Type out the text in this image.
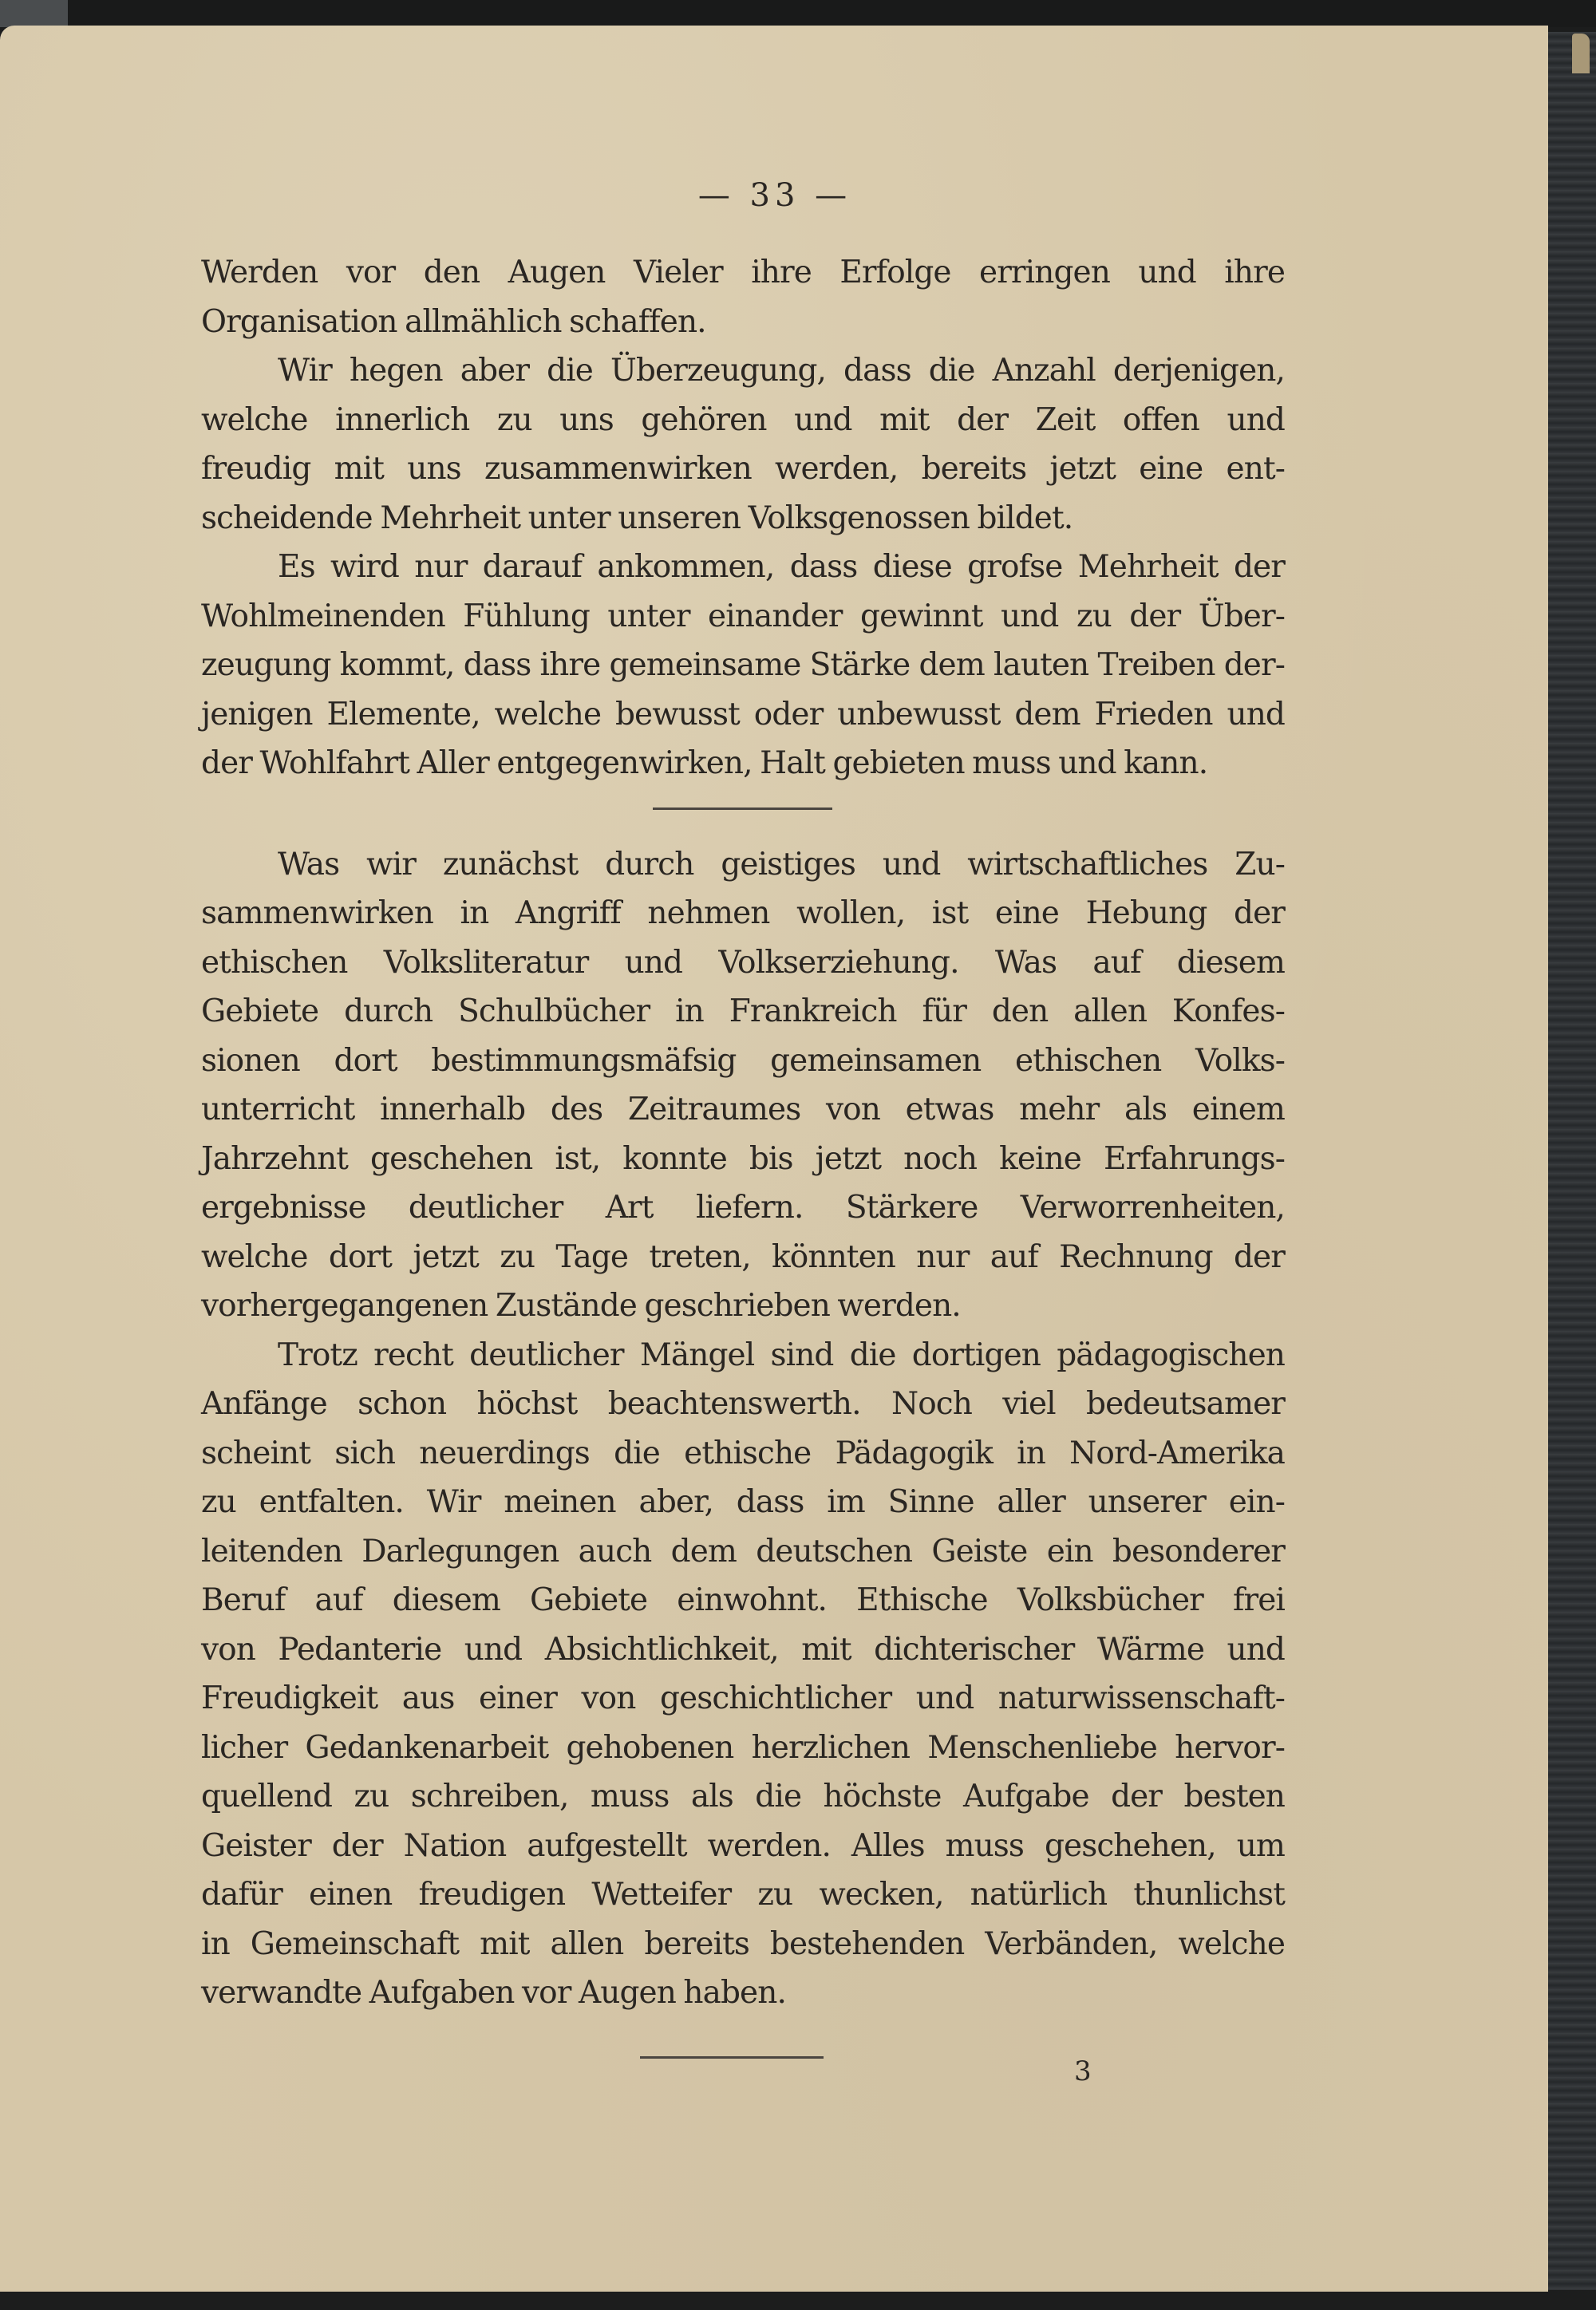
— 33 —

Werden vor den Augen Vieler ihre Erfolge erringen und ihre
Organisation allmählich schaffen.

Wir hegen aber die Überzeugung, dass die Anzahl derjenigen,
welche innerlich zu uns gehören und mit der Zeit offen und
freudig mit uns zusammenwirken werden, bereits jetzt eine ent-
scheidende Mehrheit unter unseren Volksgenossen bildet.

Es wird nur darauf ankommen, dass diese grofse Mehrheit der
Wohlmeinenden Fühlung unter einander gewinnt und zu der Über-
zeugung kommt, dass ihre gemeinsame Stärke dem lauten Treiben der-
jenigen Elemente, welche bewusst oder unbewusst dem Frieden und
der Wohlfahrt Aller entgegenwirken, Halt gebieten muss und kann.

Was wir zunächst durch geistiges und wirtschaftliches Zu-
sammenwirken in Angriff nehmen wollen, ist eine Hebung der
ethischen Volksliteratur und Volkserziehung. Was auf diesem
Gebiete durch Schulbücher in Frankreich für den allen Konfes-
sionen dort bestimmungsmäfsig gemeinsamen ethischen Volks-
unterricht innerhalb des Zeitraumes von etwas mehr als einem
Jahrzehnt geschehen ist, konnte bis jetzt noch keine Erfahrungs-
ergebnisse deutlicher Art liefern. Stärkere Verworrenheiten,
welche dort jetzt zu Tage treten, könnten nur auf Rechnung der
vorhergegangenen Zustände geschrieben werden.

Trotz recht deutlicher Mängel sind die dortigen pädagogischen
Anfänge schon höchst beachtenswerth. Noch viel bedeutsamer
scheint sich neuerdings die ethische Pädagogik in Nord-Amerika
zu entfalten. Wir meinen aber, dass im Sinne aller unserer ein-
leitenden Darlegungen auch dem deutschen Geiste ein besonderer
Beruf auf diesem Gebiete einwohnt. Ethische Volksbücher frei
von Pedanterie und Absichtlichkeit, mit dichterischer Wärme und
Freudigkeit aus einer von geschichtlicher und naturwissenschaft-
licher Gedankenarbeit gehobenen herzlichen Menschenliebe hervor-
quellend zu schreiben, muss als die höchste Aufgabe der besten
Geister der Nation aufgestellt werden. Alles muss geschehen, um
dafür einen freudigen Wetteifer zu wecken, natürlich thunlichst
in Gemeinschaft mit allen bereits bestehenden Verbänden, welche
verwandte Aufgaben vor Augen haben.

3
